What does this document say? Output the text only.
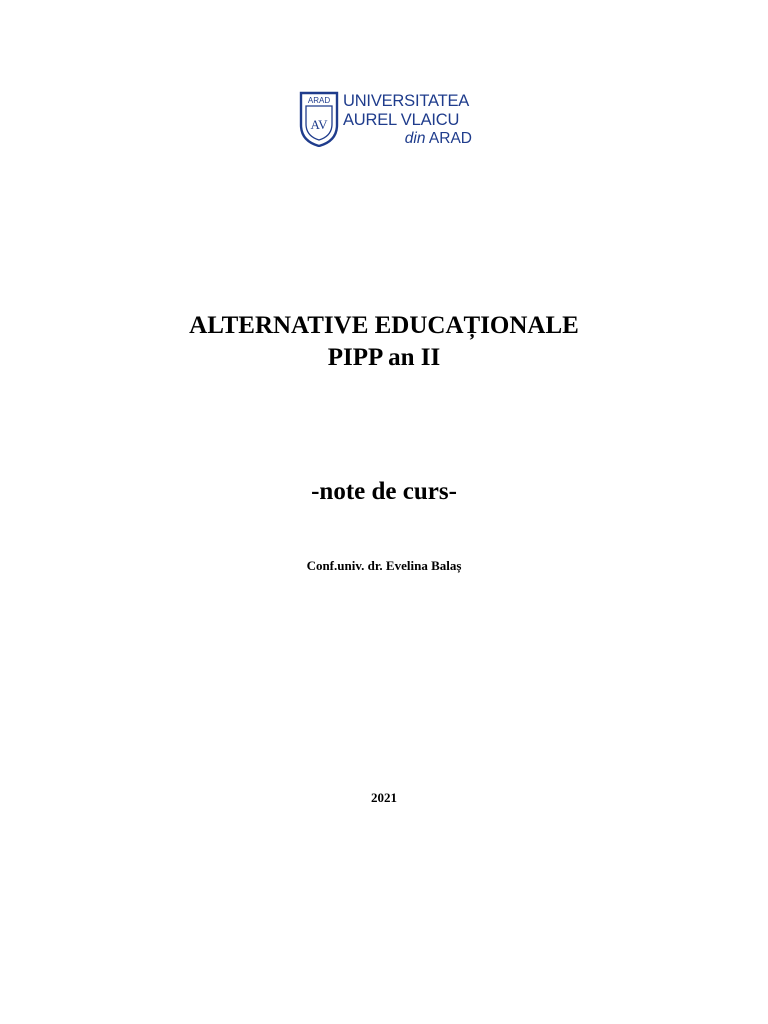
ARAD
AV
UNIVERSITATEA
AUREL VLAICU
din ARAD
ALTERNATIVE EDUCAȚIONALE
PIPP an II
-note de curs-
Conf.univ. dr. Evelina Balaș
2021
